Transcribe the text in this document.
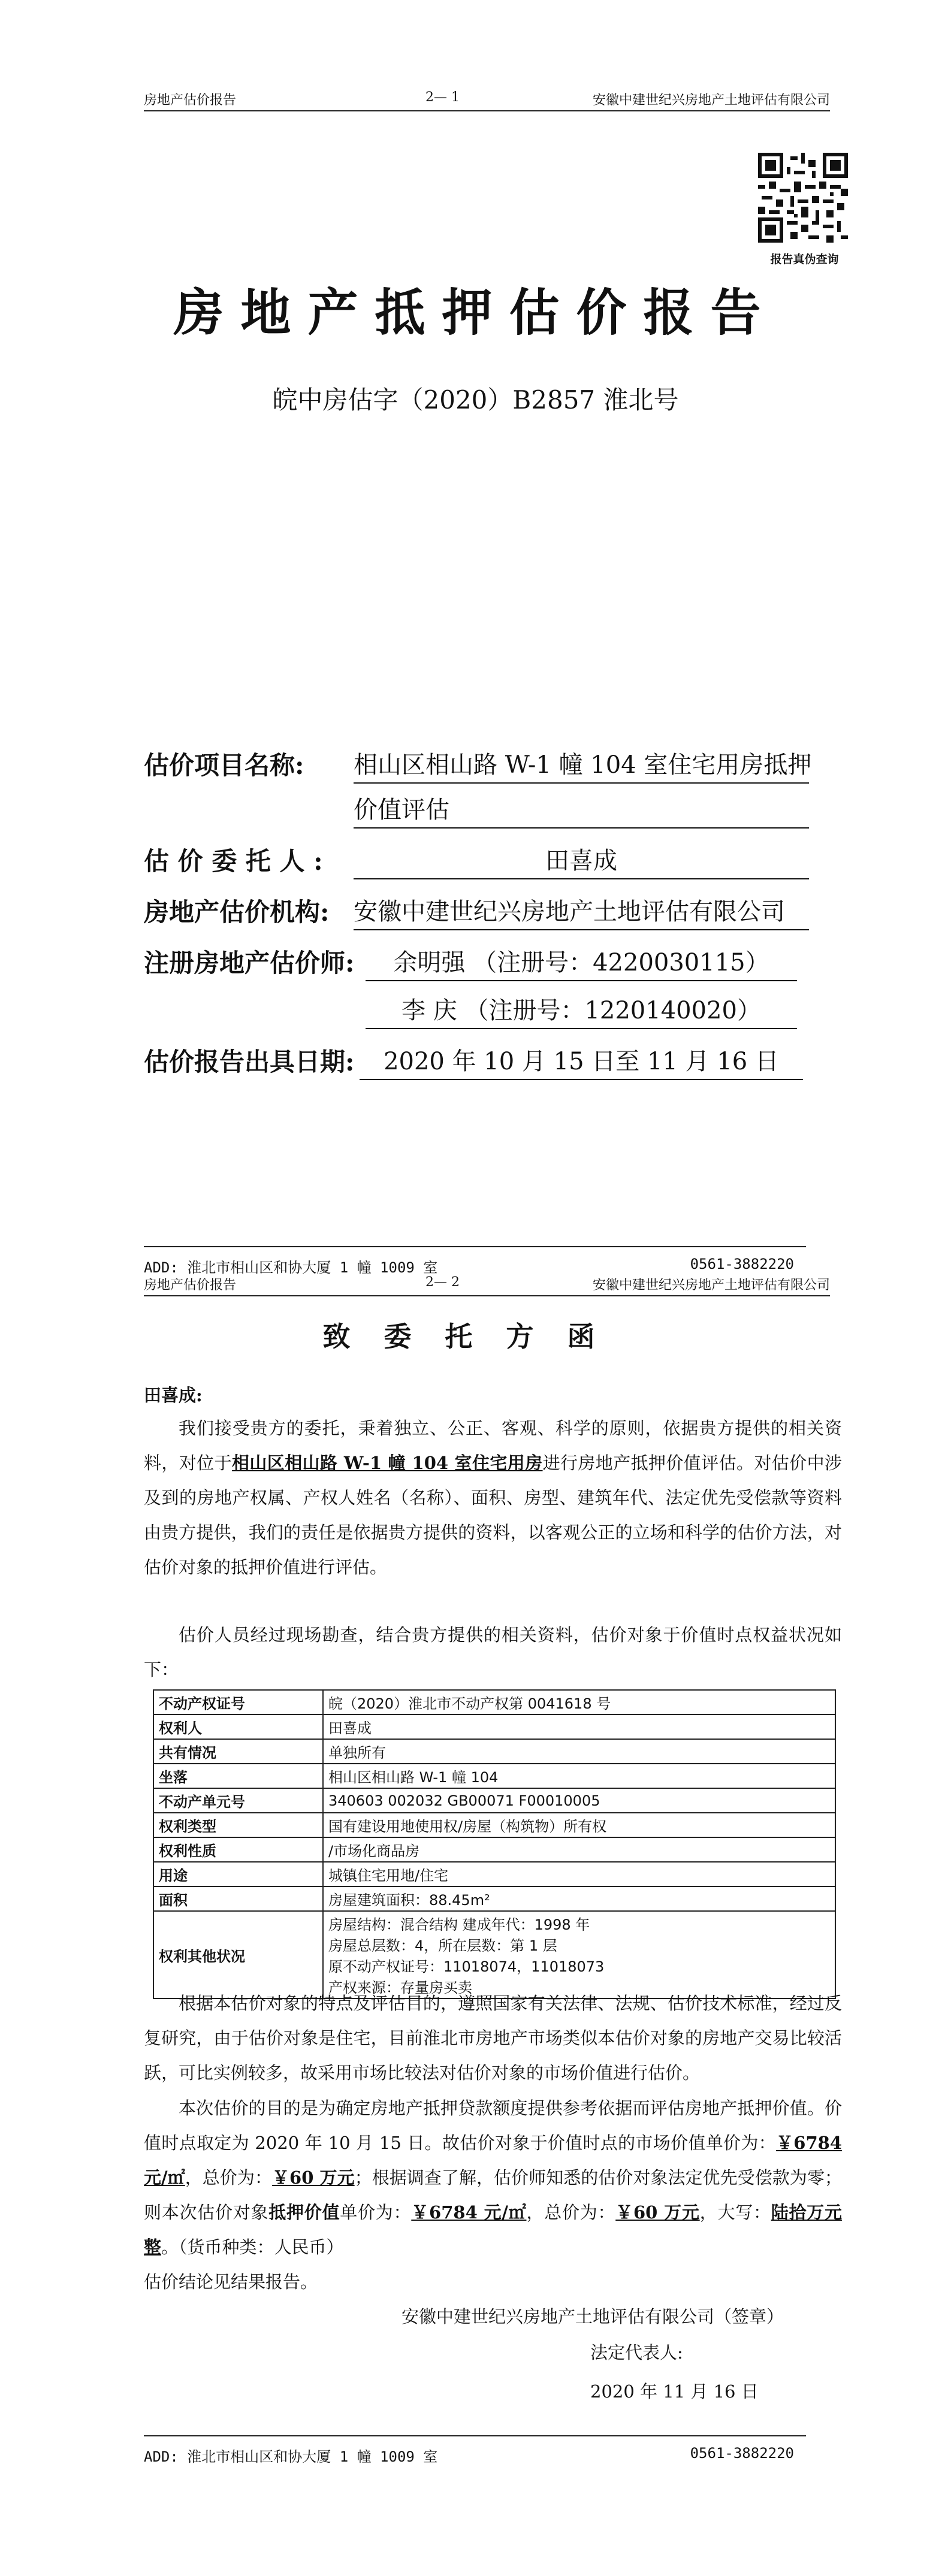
房地产估价报告	2— 1	安徽中建世纪兴房地产土地评估有限公司
报告真伪查询
房地产抵押估价报告
皖中房估字（2020）B2857 淮北号
估价项目名称: 相山区相山路 W-1 幢 104 室住宅用房抵押
价值评估
估 价 委 托 人 :	田喜成
房地产估价机构: 安徽中建世纪兴房地产土地评估有限公司
注册房地产估价师:	余明强 （注册号：4220030115）
李 庆 （注册号：1220140020）
估价报告出具日期:	2020 年 10 月 15 日至 11 月 16 日
ADD: 淮北市相山区和协大厦 1 幢 1009 室	0561-3882220
房地产估价报告	2— 2	安徽中建世纪兴房地产土地评估有限公司
致委托方函
田喜成:
我们接受贵方的委托，秉着独立、公正、客观、科学的原则，依据贵方提供的相关资料，对位于相山区相山路 W-1 幢 104 室住宅用房进行房地产抵押价值评估。对估价中涉及到的房地产权属、产权人姓名（名称）、面积、房型、建筑年代、法定优先受偿款等资料由贵方提供，我们的责任是依据贵方提供的资料，以客观公正的立场和科学的估价方法，对估价对象的抵押价值进行评估。
估价人员经过现场勘查，结合贵方提供的相关资料，估价对象于价值时点权益状况如下：
不动产权证号	皖（2020）淮北市不动产权第 0041618 号

权利人	田喜成

共有情况	单独所有

坐落	相山区相山路 W-1 幢 104

不动产单元号	340603 002032 GB00071 F00010005

权利类型	国有建设用地使用权/房屋（构筑物）所有权

权利性质	/市场化商品房

用途	城镇住宅用地/住宅

面积	房屋建筑面积：88.45m²

权利其他状况	房屋结构：混合结构 建成年代：1998 年
房屋总层数：4，所在层数：第 1 层
原不动产权证号：11018074，11018073
产权来源：存量房买卖
根据本估价对象的特点及评估目的，遵照国家有关法律、法规、估价技术标准，经过反复研究，由于估价对象是住宅，目前淮北市房地产市场类似本估价对象的房地产交易比较活跃，可比实例较多，故采用市场比较法对估价对象的市场价值进行估价。
本次估价的目的是为确定房地产抵押贷款额度提供参考依据而评估房地产抵押价值。价值时点取定为 2020 年 10 月 15 日。故估价对象于价值时点的市场价值单价为：￥6784 元/㎡，总价为：￥60 万元；根据调查了解，估价师知悉的估价对象法定优先受偿款为零；则本次估价对象抵押价值单价为：￥6784 元/㎡，总价为：￥60 万元，大写：陆拾万元整。（货币种类：人民币）
估价结论见结果报告。
安徽中建世纪兴房地产土地评估有限公司（签章）
法定代表人:
2020 年 11 月 16 日
ADD: 淮北市相山区和协大厦 1 幢 1009 室	0561-3882220
